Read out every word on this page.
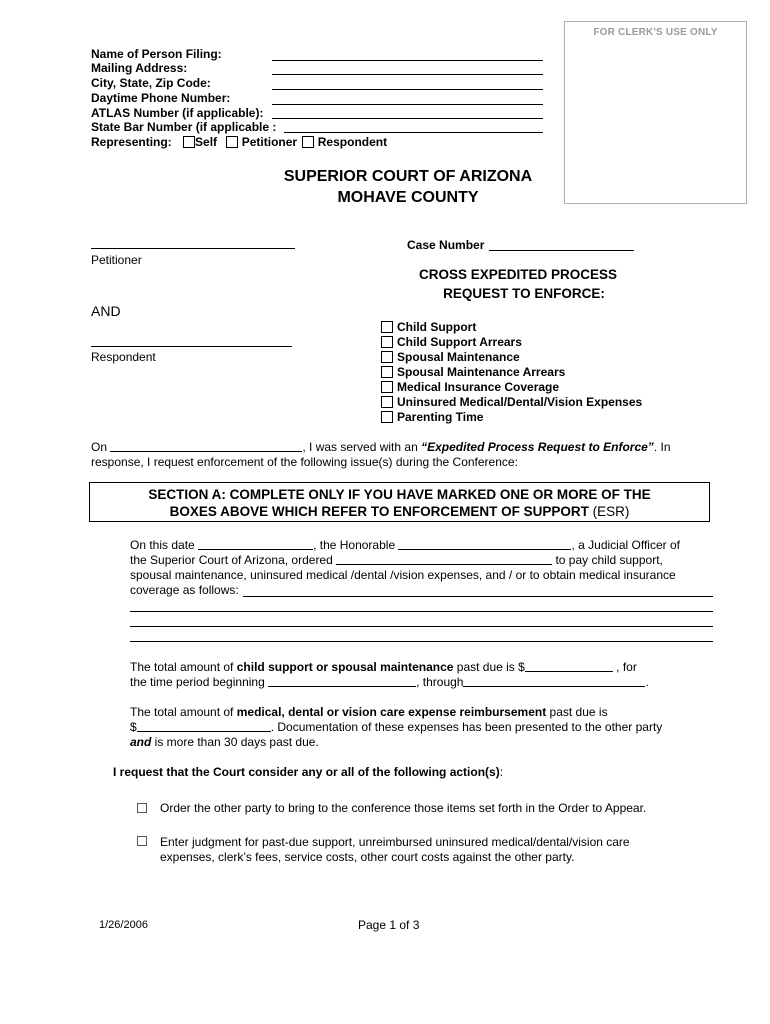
FOR CLERK'S USE ONLY
Name of Person Filing:
Mailing Address:
City, State, Zip Code:
Daytime Phone Number:
ATLAS Number (if applicable):
State Bar Number (if applicable :
Representing: Self Petitioner Respondent
SUPERIOR COURT OF ARIZONA
MOHAVE COUNTY
Case Number
Petitioner
AND
Respondent
CROSS EXPEDITED PROCESS
REQUEST TO ENFORCE:
Child Support
Child Support Arrears
Spousal Maintenance
Spousal Maintenance Arrears
Medical Insurance Coverage
Uninsured Medical/Dental/Vision Expenses
Parenting Time
On	, I was served with an “Expedited Process Request to Enforce”. In
response, I request enforcement of the following issue(s) during the Conference:
SECTION A: COMPLETE ONLY IF YOU HAVE MARKED ONE OR MORE OF THE
BOXES ABOVE WHICH REFER TO ENFORCEMENT OF SUPPORT (ESR)
On this date	, the Honorable	, a Judicial Officer of
the Superior Court of Arizona, ordered	to pay child support,
spousal maintenance, uninsured medical /dental /vision expenses, and / or to obtain medical insurance
coverage as follows:
The total amount of child support or spousal maintenance past due is $	, for
the time period beginning	, through	.
The total amount of medical, dental or vision care expense reimbursement past due is
$	. Documentation of these expenses has been presented to the other party
and is more than 30 days past due.
I request that the Court consider any or all of the following action(s):
Order the other party to bring to the conference those items set forth in the Order to Appear.
Enter judgment for past-due support, unreimbursed uninsured medical/dental/vision care
expenses, clerk’s fees, service costs, other court costs against the other party.
1/26/2006	Page 1 of 3
